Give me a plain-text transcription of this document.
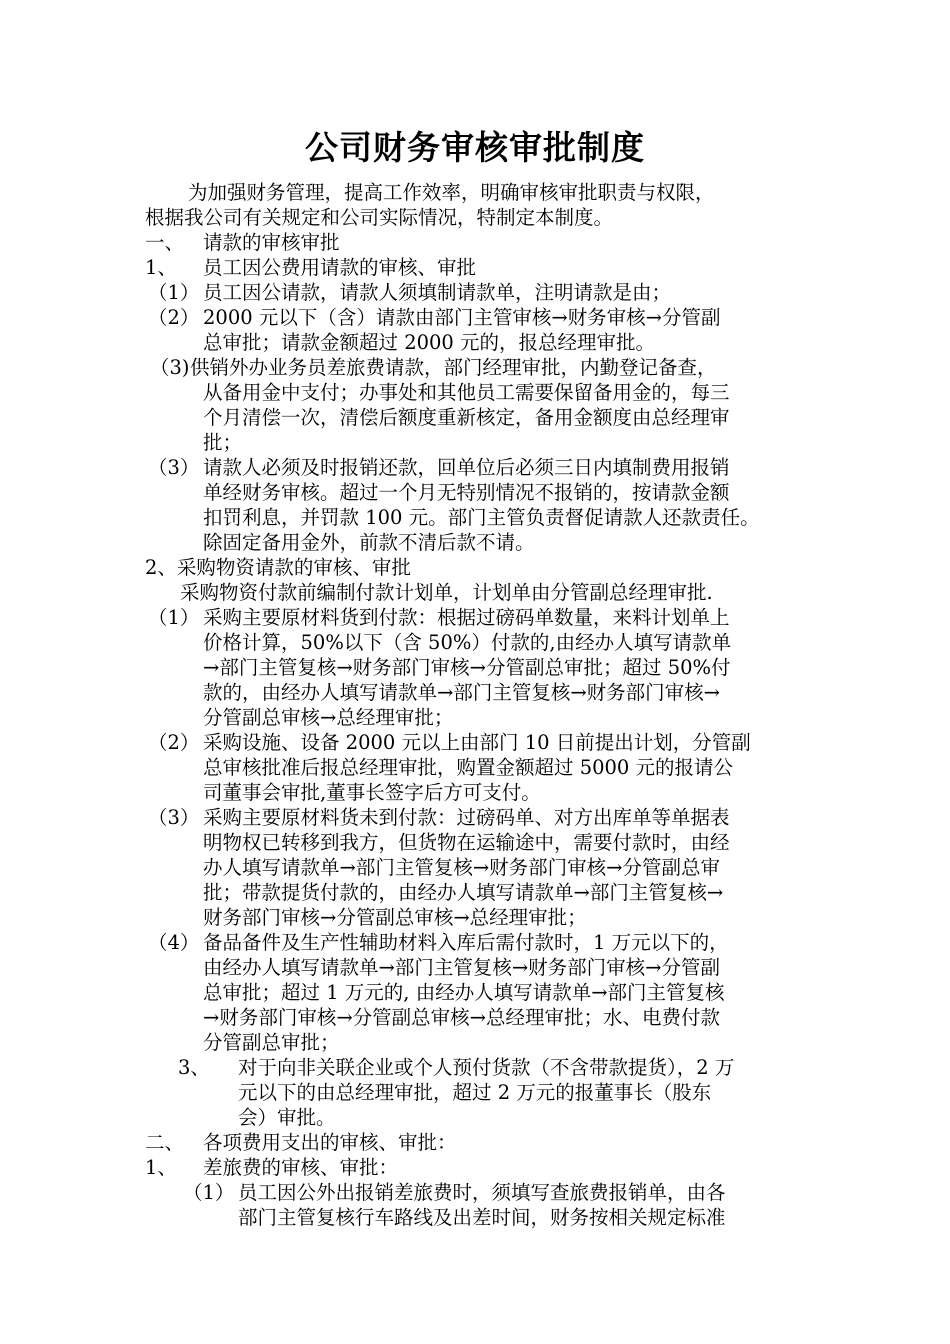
公司财务审核审批制度
为加强财务管理，提高工作效率，明确审核审批职责与权限，
根据我公司有关规定和公司实际情况，特制定本制度。
一、 请款的审核审批
1、 员工因公费用请款的审核、审批
（1） 员工因公请款，请款人须填制请款单，注明请款是由；
（2） 2000 元以下（含）请款由部门主管审核→财务审核→分管副
总审批；请款金额超过 2000 元的，报总经理审批。
（3) 供销外办业务员差旅费请款，部门经理审批，内勤登记备查，
从备用金中支付；办事处和其他员工需要保留备用金的，每三
个月清偿一次，清偿后额度重新核定，备用金额度由总经理审
批；
（3） 请款人必须及时报销还款，回单位后必须三日内填制费用报销
单经财务审核。超过一个月无特别情况不报销的，按请款金额
扣罚利息，并罚款 100 元。部门主管负责督促请款人还款责任。
除固定备用金外，前款不清后款不请。
2、采购物资请款的审核、审批
采购物资付款前编制付款计划单，计划单由分管副总经理审批.
（1） 采购主要原材料货到付款：根据过磅码单数量，来料计划单上
价格计算，50%以下（含 50%）付款的,由经办人填写请款单
→部门主管复核→财务部门审核→分管副总审批；超过 50%付
款的，由经办人填写请款单→部门主管复核→财务部门审核→
分管副总审核→总经理审批；
（2） 采购设施、设备 2000 元以上由部门 10 日前提出计划，分管副
总审核批准后报总经理审批，购置金额超过 5000 元的报请公
司董事会审批,董事长签字后方可支付。
（3） 采购主要原材料货未到付款：过磅码单、对方出库单等单据表
明物权已转移到我方，但货物在运输途中，需要付款时，由经
办人填写请款单→部门主管复核→财务部门审核→分管副总审
批；带款提货付款的，由经办人填写请款单→部门主管复核→
财务部门审核→分管副总审核→总经理审批；
（4） 备品备件及生产性辅助材料入库后需付款时，1 万元以下的，
由经办人填写请款单→部门主管复核→财务部门审核→分管副
总审批；超过 1 万元的, 由经办人填写请款单→部门主管复核
→财务部门审核→分管副总审核→总经理审批；水、电费付款
分管副总审批；
3、 对于向非关联企业或个人预付货款（不含带款提货），2 万
元以下的由总经理审批，超过 2 万元的报董事长（股东
会）审批。
二、 各项费用支出的审核、审批：
1、 差旅费的审核、审批：
（1） 员工因公外出报销差旅费时，须填写查旅费报销单，由各
部门主管复核行车路线及出差时间，财务按相关规定标准
